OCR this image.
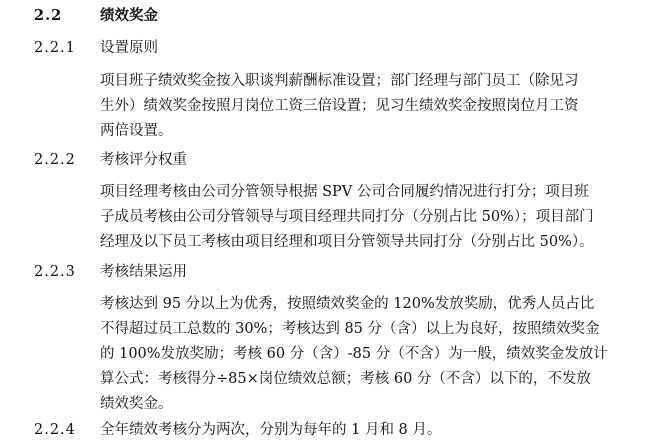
2.2	绩效奖金
2.2.1 设置原则
项目班子绩效奖金按入职谈判薪酬标准设置；部门经理与部门员工（除见习
生外）绩效奖金按照月岗位工资三倍设置；见习生绩效奖金按照岗位月工资
两倍设置。
2.2.2 考核评分权重
项目经理考核由公司分管领导根据 SPV 公司合同履约情况进行打分；项目班
子成员考核由公司分管领导与项目经理共同打分（分别占比 50%）；项目部门
经理及以下员工考核由项目经理和项目分管领导共同打分（分别占比 50%）。
2.2.3 考核结果运用
考核达到 95 分以上为优秀，按照绩效奖金的 120%发放奖励，优秀人员占比
不得超过员工总数的 30%；考核达到 85 分（含）以上为良好，按照绩效奖金
的 100%发放奖励；考核 60 分（含）-85 分（不含）为一般，绩效奖金发放计
算公式：考核得分÷85×岗位绩效总额；考核 60 分（不含）以下的，不发放
绩效奖金。
2.2.4 全年绩效考核分为两次，分别为每年的 1 月和 8 月。
